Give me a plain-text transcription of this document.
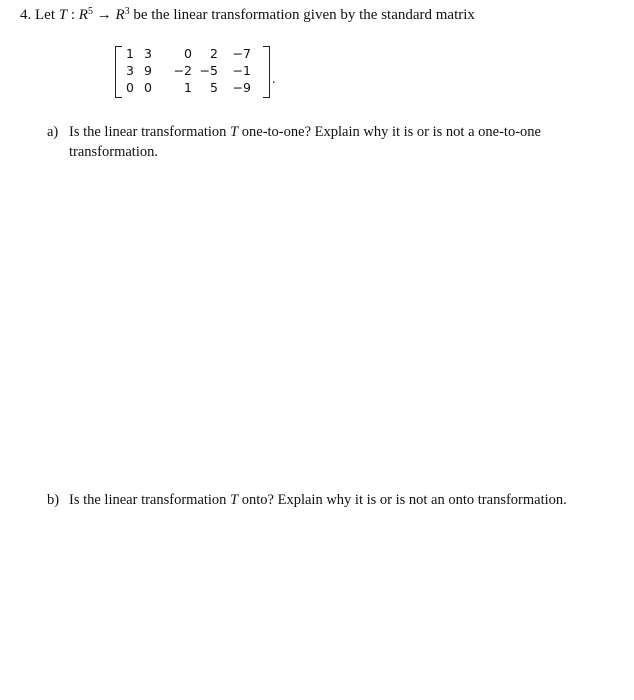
4. Let T : $R^5 \to R^3$ be the linear transformation given by the standard matrix
1 3	0	2	−7
3 9	−2 −5	−1
0 0	1	5	−9
.
a) Is the linear transformation T one-to-one? Explain why it is or is not a one-to-one
transformation.
b) Is the linear transformation T onto? Explain why it is or is not an onto transformation.
